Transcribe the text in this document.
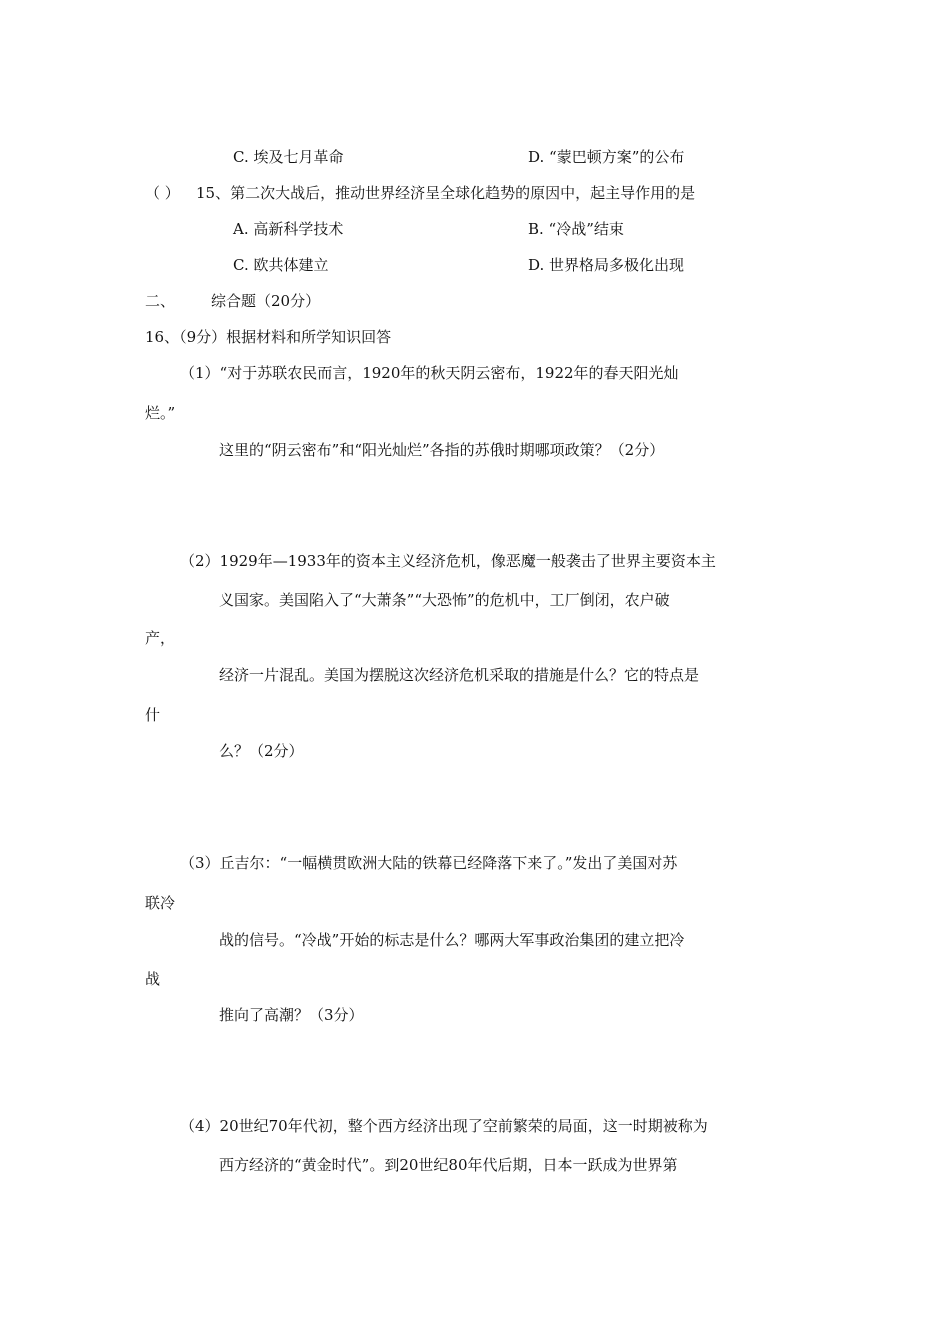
C. 埃及七月革命	D. “蒙巴顿方案”的公布
（ ） 15、第二次大战后，推动世界经济呈全球化趋势的原因中，起主导作用的是
A. 高新科学技术	B. “冷战”结束
C. 欧共体建立	D. 世界格局多极化出现
二、 综合题（20分）
16、（9分）根据材料和所学知识回答
（1）“对于苏联农民而言，1920年的秋天阴云密布，1922年的春天阳光灿
烂。”
这里的“阴云密布”和“阳光灿烂”各指的苏俄时期哪项政策？（2分）
（2）1929年—1933年的资本主义经济危机，像恶魔一般袭击了世界主要资本主
义国家。美国陷入了“大萧条”“大恐怖”的危机中，工厂倒闭，农户破
产，
经济一片混乱。美国为摆脱这次经济危机采取的措施是什么？它的特点是
什
么？（2分）
（3）丘吉尔：“一幅横贯欧洲大陆的铁幕已经降落下来了。”发出了美国对苏
联冷
战的信号。“冷战”开始的标志是什么？哪两大军事政治集团的建立把冷
战
推向了高潮？（3分）
（4）20世纪70年代初，整个西方经济出现了空前繁荣的局面，这一时期被称为
西方经济的“黄金时代”。到20世纪80年代后期，日本一跃成为世界第
